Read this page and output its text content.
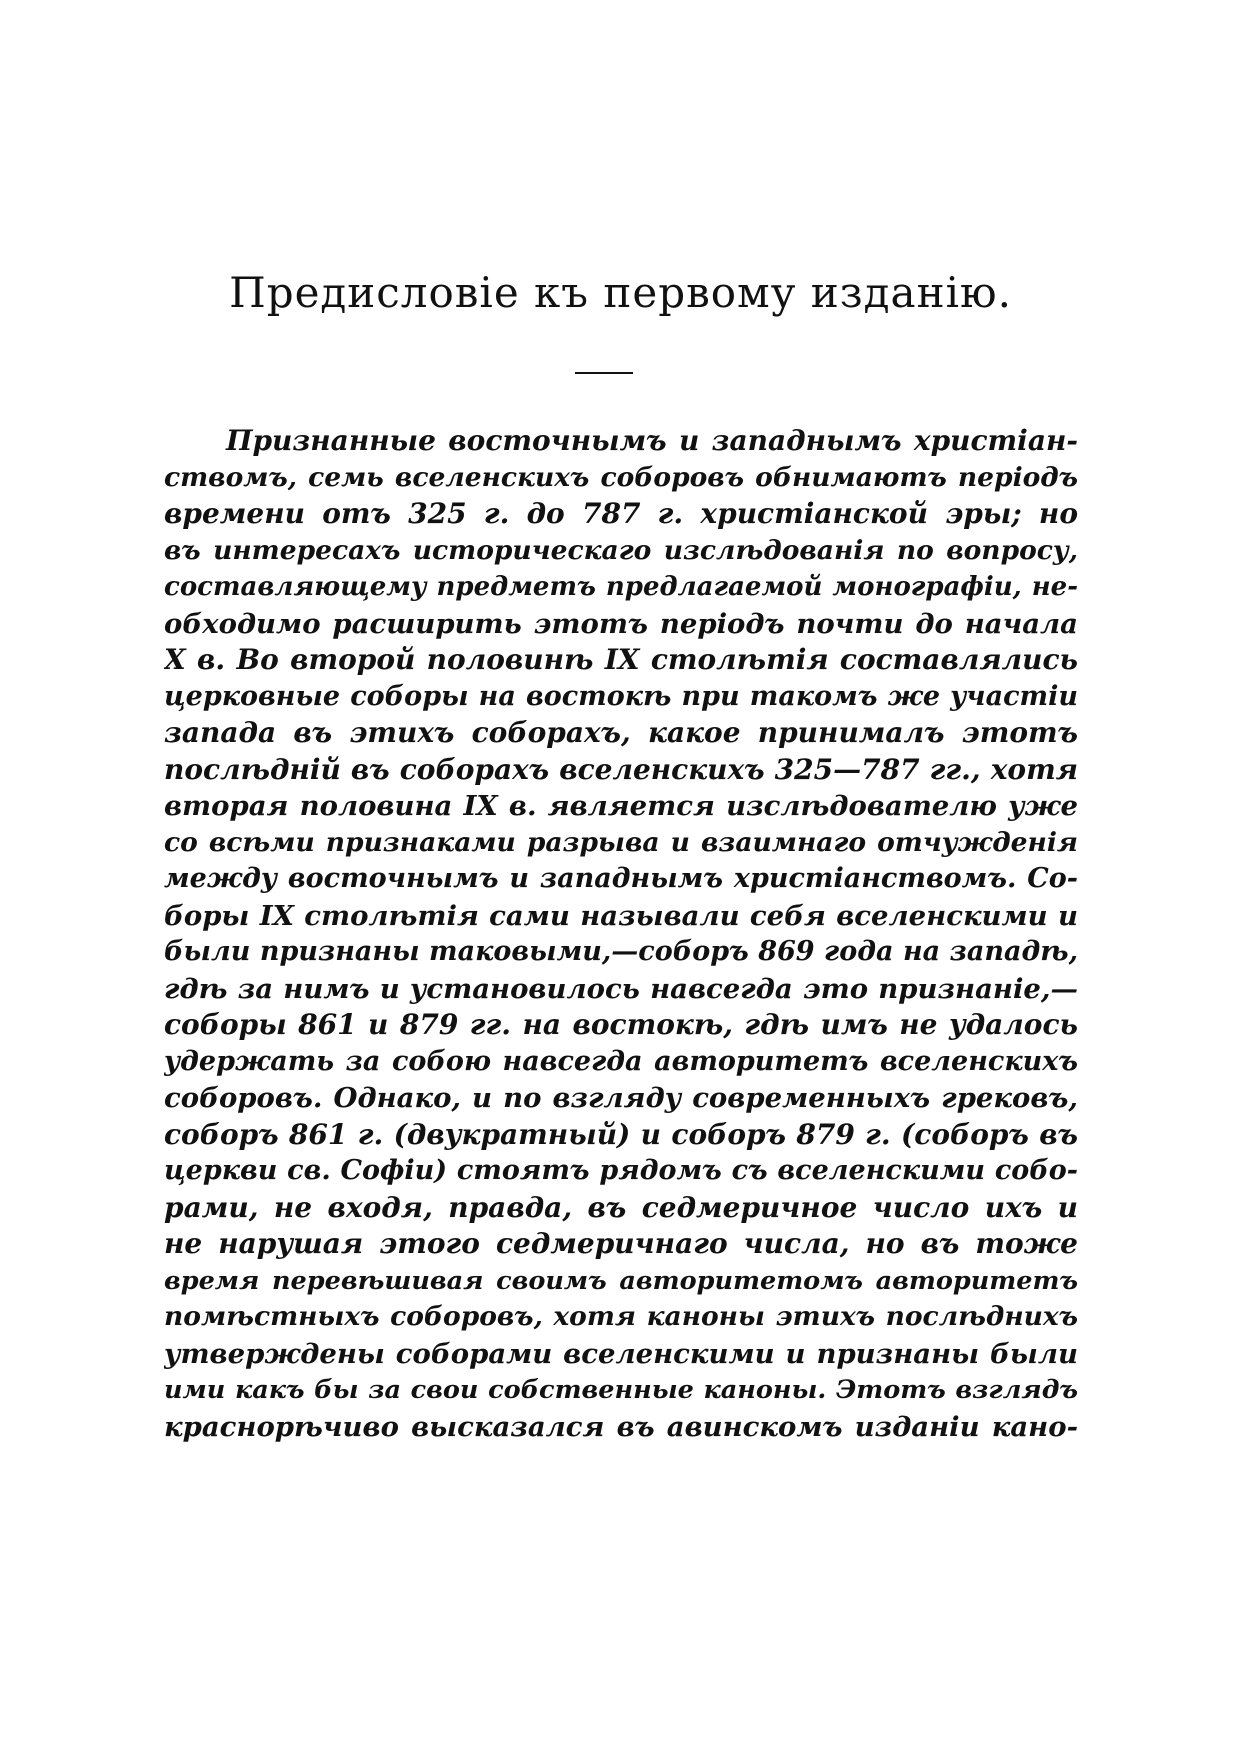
Предисловіе къ первому изданію.
Признанные восточнымъ и западнымъ христіан-
ствомъ, семь вселенскихъ соборовъ обнимаютъ періодъ
времени отъ 325 г. до 787 г. христіанской эры; но
въ интересахъ историческаго изслѣдованія по вопросу,
составляющему предметъ предлагаемой монографіи, не-
обходимо расширить этотъ періодъ почти до начала
X в. Во второй половинѣ IX столѣтія составлялись
церковные соборы на востокѣ при такомъ же участіи
запада въ этихъ соборахъ, какое принималъ этотъ
послѣдній въ соборахъ вселенскихъ 325—787 гг., хотя
вторая половина IX в. является изслѣдователю уже
со всѣми признаками разрыва и взаимнаго отчужденія
между восточнымъ и западнымъ христіанствомъ. Со-
боры IX столѣтія сами называли себя вселенскими и
были признаны таковыми,—соборъ 869 года на западѣ,
гдѣ за нимъ и установилось навсегда это признаніе,—
соборы 861 и 879 гг. на востокѣ, гдѣ имъ не удалось
удержать за собою навсегда авторитетъ вселенскихъ
соборовъ. Однако, и по взгляду современныхъ грековъ,
соборъ 861 г. (двукратный) и соборъ 879 г. (соборъ въ
церкви св. Софіи) стоятъ рядомъ съ вселенскими собо-
рами, не входя, правда, въ седмеричное число ихъ и
не нарушая этого седмеричнаго числа, но въ тоже
время перевѣшивая своимъ авторитетомъ авторитетъ
помѣстныхъ соборовъ, хотя каноны этихъ послѣднихъ
утверждены соборами вселенскими и признаны были
ими какъ бы за свои собственные каноны. Этотъ взглядъ
краснорѣчиво высказался въ авинскомъ изданіи кано-
